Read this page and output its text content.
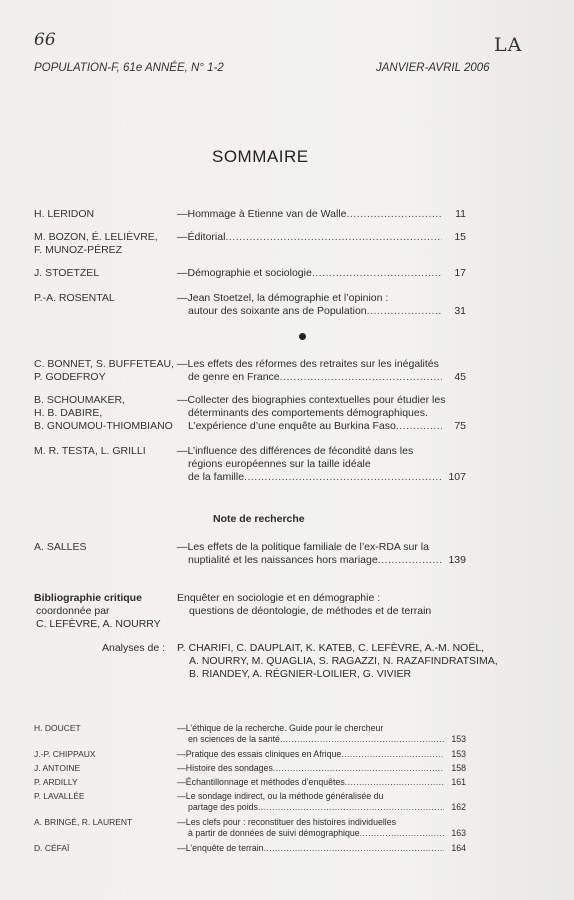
66	LA
POPULATION-F, 61e ANNÉE, N° 1-2	JANVIER-AVRIL 2006
SOMMAIRE
H. LERIDON	—Hommage à Etienne van de Walle .....	11
M. BOZON, É. LELIÈVRE,
F. MUNOZ-PÉREZ
—Éditorial .....	15
J. STOETZEL	—Démographie et sociologie .....	17
P.-A. ROSENTAL	—Jean Stoetzel, la démographie et l’opinion :
autour des soixante ans de Population .....	31
C. BONNET, S. BUFFETEAU,
P. GODEFROY
—Les effets des réformes des retraites sur les inégalités
de genre en France .....	45
B. SCHOUMAKER,
H. B. DABIRE,
B. GNOUMOU-THIOMBIANO
—Collecter des biographies contextuelles pour étudier les
déterminants des comportements démographiques.
L’expérience d’une enquête au Burkina Faso .....	75
M. R. TESTA, L. GRILLI	—L’influence des différences de fécondité dans les
régions européennes sur la taille idéale
de la famille .....	107
Note de recherche
A. SALLES	—Les effets de la politique familiale de l’ex-RDA sur la
nuptialité et les naissances hors mariage .....	139
Bibliographie critique
coordonnée par
C. LEFÈVRE, A. NOURRY
Enquêter en sociologie et en démographie :
questions de déontologie, de méthodes et de terrain
Analyses de : P. CHARIFI, C. DAUPLAIT, K. KATEB, C. LEFÈVRE, A.-M. NOËL,
A. NOURRY, M. QUAGLIA, S. RAGAZZI, N. RAZAFINDRATSIMA,
B. RIANDEY, A. RÉGNIER-LOILIER, G. VIVIER
H. DOUCET	—L’éthique de la recherche. Guide pour le chercheur
en sciences de la santé .....	153
J.-P. CHIPPAUX	—Pratique des essais cliniques en Afrique .....	153
J. ANTOINE	—Histoire des sondages .....	158
P. ARDILLY	—Échantillonnage et méthodes d’enquêtes .....	161
P. LAVALLÉE	—Le sondage indirect, ou la méthode généralisée du
partage des poids .....	162
A. BRINGÉ, R. LAURENT	—Les clefs pour : reconstituer des histoires individuelles
à partir de données de suivi démographique .....	163
D. CÉFAÏ	—L’enquête de terrain .....	164
